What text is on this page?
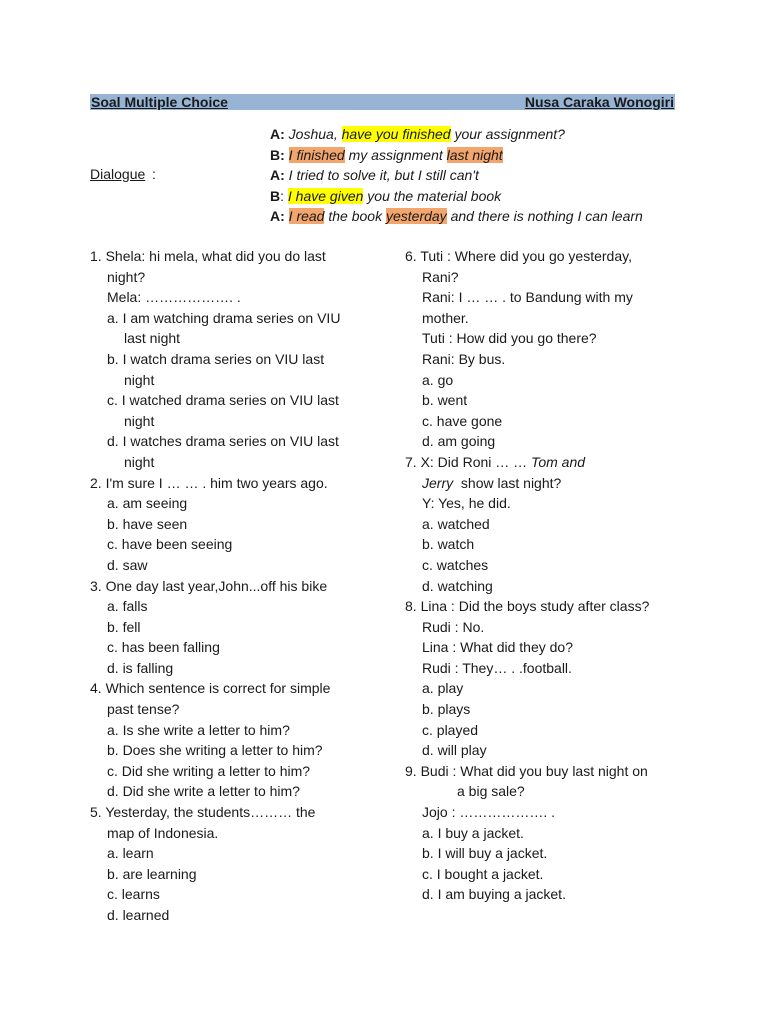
Soal Multiple Choice	Nusa Caraka Wonogiri
Dialogue :
A: Joshua, have you finished your assignment?
B: I finished my assignment last night
A: I tried to solve it, but I still can't
B: I have given you the material book
A: I read the book yesterday and there is nothing I can learn
1. Shela: hi mela, what did you do last
night?
Mela: ………………. .
a. I am watching drama series on VIU
last night
b. I watch drama series on VIU last
night
c. I watched drama series on VIU last
night
d. I watches drama series on VIU last
night
2. I'm sure I … … . him two years ago.
a. am seeing
b. have seen
c. have been seeing
d. saw
3. One day last year,John...off his bike
a. falls
b. fell
c. has been falling
d. is falling
4. Which sentence is correct for simple
past tense?
a. Is she write a letter to him?
b. Does she writing a letter to him?
c. Did she writing a letter to him?
d. Did she write a letter to him?
5. Yesterday, the students……… the
map of Indonesia.
a. learn
b. are learning
c. learns
d. learned
6. Tuti : Where did you go yesterday,
Rani?
Rani: I … … . to Bandung with my
mother.
Tuti : How did you go there?
Rani: By bus.
a. go
b. went
c. have gone
d. am going
7. X: Did Roni … … Tom and
Jerry  show last night?
Y: Yes, he did.
a. watched
b. watch
c. watches
d. watching
8. Lina : Did the boys study after class?
Rudi : No.
Lina : What did they do?
Rudi : They… . .football.
a. play
b. plays
c. played
d. will play
9. Budi : What did you buy last night on
a big sale?
Jojo : ………………. .
a. I buy a jacket.
b. I will buy a jacket.
c. I bought a jacket.
d. I am buying a jacket.
